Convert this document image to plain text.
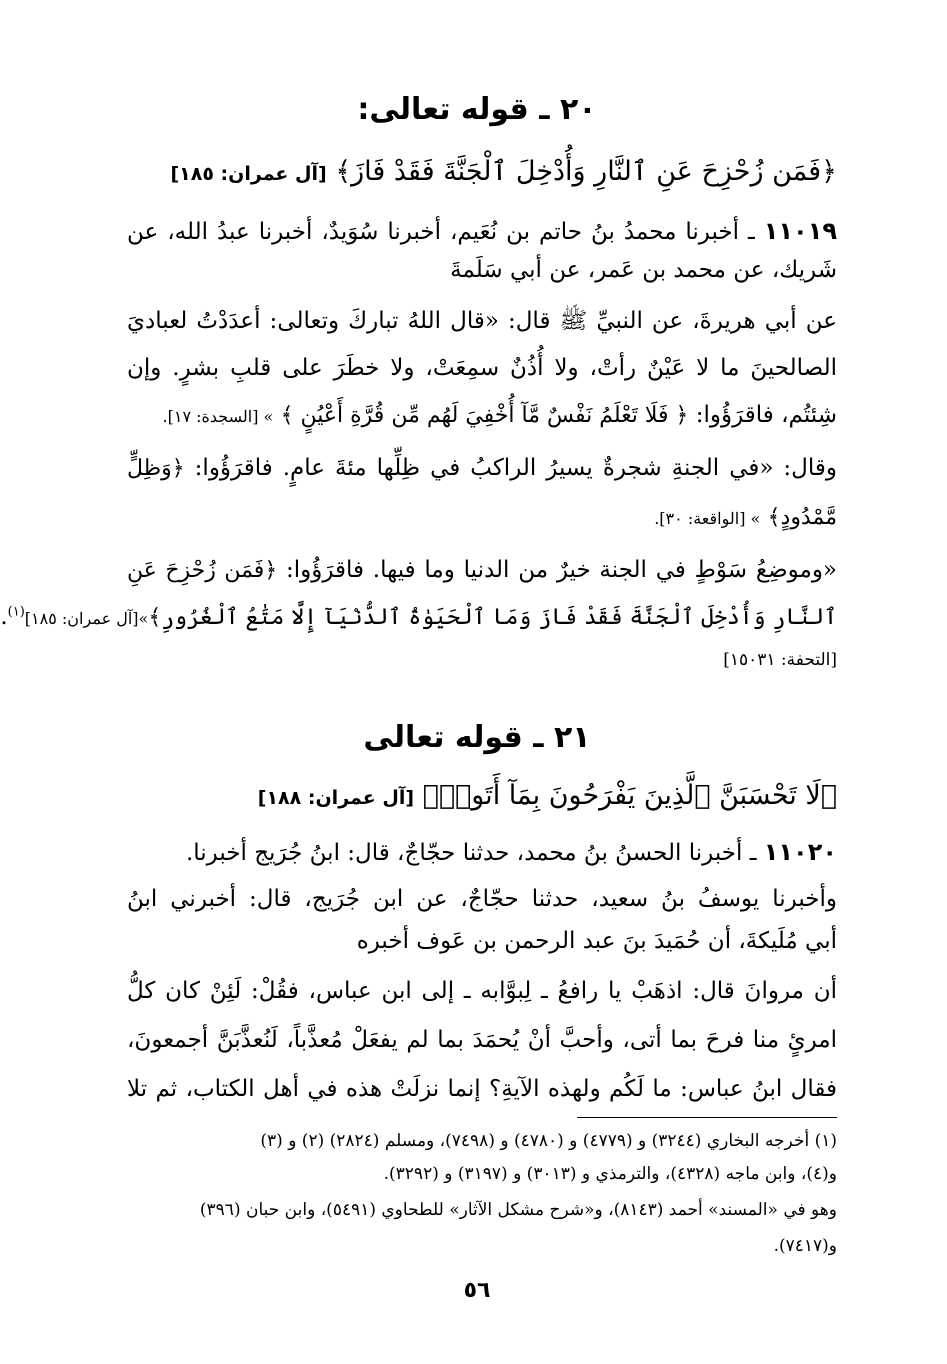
٢٠ ـ قوله تعالى:
﴿فَمَن زُحْزِحَ عَنِ ٱلنَّارِ وَأُدْخِلَ ٱلْجَنَّةَ فَقَدْ فَازَ﴾ [آل عمران: ١٨٥]
١١٠١٩ ـ أخبرنا محمدُ بنُ حاتم بن نُعَيم، أخبرنا سُوَيدٌ، أخبرنا عبدُ الله، عن
شَريك، عن محمد بن عَمر، عن أبي سَلَمةَ
عن أبي هريرةَ، عن النبيِّ ﷺ قال: «قال اللهُ تباركَ وتعالى: أعدَدْتُ لعباديَ
الصالحينَ ما لا عَيْنٌ رأتْ، ولا أُذُنٌ سمِعَتْ، ولا خطَرَ على قلبِ بشرٍ. وإن
شِئتُم، فاقرَؤُوا: ﴿ فَلَا تَعْلَمُ نَفْسٌ مَّآ أُخْفِيَ لَهُم مِّن قُرَّةِ أَعْيُنٍ ﴾ » [السجدة: ١٧].
وقال: «في الجنةِ شجرةٌ يسيرُ الراكبُ في ظِلِّها مئةَ عامٍ. فاقرَؤُوا: ﴿وَظِلٍّ
مَّمْدُودٍ﴾ » [الواقعة: ٣٠].
«وموضِعُ سَوْطٍ في الجنة خيرٌ من الدنيا وما فيها. فاقرَؤُوا: ﴿فَمَن زُحْزِحَ عَنِ
ٱلنَّارِ وَأُدْخِلَ ٱلْجَنَّةَ فَقَدْ فَازَ وَمَا ٱلْحَيَوٰةُ ٱلدُّنْيَآ إِلَّا مَتَٰعُ ٱلْغُرُورِ﴾»[آل عمران: ١٨٥]$^{(١)}$.
[التحفة: ١٥٠٣١]
٢١ ـ قوله تعالى
﴿لَا تَحْسَبَنَّ ٱلَّذِينَ يَفْرَحُونَ بِمَآ أَتَوا۟﴾ [آل عمران: ١٨٨]
١١٠٢٠ ـ أخبرنا الحسنُ بنُ محمد، حدثنا حجّاجٌ، قال: ابنُ جُرَيج أخبرنا.
وأخبرنا يوسفُ بنُ سعيد، حدثنا حجّاجٌ، عن ابن جُرَيج، قال: أخبرني ابنُ
أبي مُلَيكةَ، أن حُمَيدَ بنَ عبد الرحمن بن عَوف أخبره
أن مروانَ قال: اذهَبْ يا رافعُ ـ لِبوَّابه ـ إلى ابن عباس، فقُلْ: لَئِنْ كان كلُّ
امرئٍ منا فرحَ بما أتى، وأحبَّ أنْ يُحمَدَ بما لم يفعَلْ مُعذَّباً، لَنُعذَّبَنَّ أجمعونَ،
فقال ابنُ عباس: ما لَكُم ولهذه الآيةِ؟ إنما نزلَتْ هذه في أهل الكتاب، ثم تلا
(١) أخرجه البخاري (٣٢٤٤) و (٤٧٧٩) و (٤٧٨٠) و (٧٤٩٨)، ومسلم (٢٨٢٤) (٢) و (٣)
و(٤)، وابن ماجه (٤٣٢٨)، والترمذي و (٣٠١٣) و (٣١٩٧) و (٣٢٩٢).
وهو في «المسند» أحمد (٨١٤٣)، و«شرح مشكل الآثار» للطحاوي (٥٤٩١)، وابن حبان (٣٩٦)
و(٧٤١٧).
٥٦
